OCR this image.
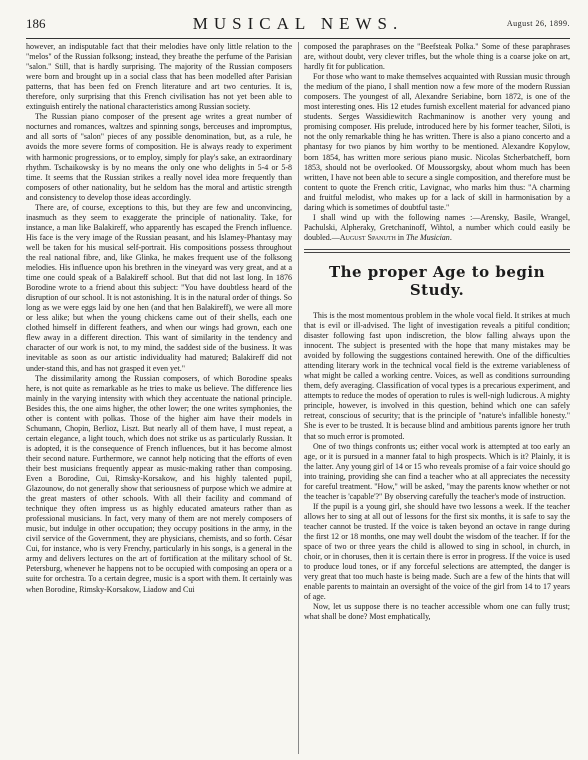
186	MUSICAL NEWS.	August 26, 1899.

however, an indisputable fact that their melodies have only little relation to the "melos" of the Russian folksong; instead, they breathe the perfume of the Parisian "salon." Still, that is hardly surprising. The majority of the Russian composers were born and brought up in a social class that has been modelled after Parisian patterns, that has been fed on French literature and art two centuries. It is, therefore, only surprising that this French civilisation has not yet been able to extinguish entirely the national characteristics among Russian society.

The Russian piano composer of the present age writes a great number of nocturnes and romances, waltzes and spinning songs, berceuses and impromptus, and all sorts of "salon" pieces of any possible denomination, but, as a rule, he avoids the more severe forms of composition. He is always ready to experiment with harmonic progressions, or to employ, simply for play's sake, an extraordinary rhythm. Tschaikowsky is by no means the only one who delights in 5-4 or 5-8 time. It seems that the Russian strikes a really novel idea more frequently than composers of other nationality, but he seldom has the moral and artistic strength and consistency to develop those ideas accordingly.

There are, of course, exceptions to this, but they are few and unconvincing, inasmuch as they seem to exaggerate the principle of nationality. Take, for instance, a man like Balakireff, who apparently has escaped the French influence. His face is the very image of the Russian peasant, and his Islamey-Phantasy may well be taken for his musical self-portrait. His compositions possess throughout the real national fibre, and, like Glinka, he makes frequent use of the folksong melodies. His influence upon his brethren in the vineyard was very great, and at a time one could speak of a Balakireff school. But that did not last long. In 1876 Borodine wrote to a friend about this subject: "You have doubtless heard of the disruption of our school. It is not astonishing. It is in the natural order of things. So long as we were eggs laid by one hen (and that hen Balakireff), we were all more or less alike; but when the young chickens came out of their shells, each one clothed himself in different feathers, and when our wings had grown, each one flew away in a different direction. This want of similarity in the tendency and character of our work is not, to my mind, the saddest side of the business. It was inevitable as soon as our artistic individuality had matured; Balakireff did not under-stand this, and has not grasped it even yet."

The dissimilarity among the Russian composers, of which Borodine speaks here, is not quite as remarkable as he tries to make us believe. The difference lies mainly in the varying intensity with which they accentuate the national principle. Besides this, the one aims higher, the other lower; the one writes symphonies, the other is content with polkas. Those of the higher aim have their models in Schumann, Chopin, Berlioz, Liszt. But nearly all of them have, I must repeat, a certain elegance, a light touch, which does not strike us as particularly Russian. It is adopted, it is the consequence of French influences, but it has become almost their second nature. Furthermore, we cannot help noticing that the efforts of even their best musicians frequently appear as music-making rather than composing. Even a Borodine, Cui, Rimsky-Korsakow, and his highly talented pupil, Glazounow, do not generally show that seriousness of purpose which we admire at the great masters of other schools. With all their facility and command of technique they often impress us as highly educated amateurs rather than as professional musicians. In fact, very many of them are not merely composers of music, but indulge in other occupation; they occupy positions in the army, in the civil service of the Government, they are physicians, chemists, and so forth. César Cui, for instance, who is very Frenchy, particularly in his songs, is a general in the army and delivers lectures on the art of fortification at the military school of St. Petersburg, whenever he happens not to be occupied with composing an opera or a suite for orchestra. To a certain degree, music is a sport with them. It certainly was when Borodine, Rimsky-Korsakow, Liadow and Cui

composed the paraphrases on the "Beefsteak Polka." Some of these paraphrases are, without doubt, very clever trifles, but the whole thing is a coarse joke on art, hardly fit for publication.

For those who want to make themselves acquainted with Russian music through the medium of the piano, I shall mention now a few more of the modern Russian composers. The youngest of all, Alexandre Seriabine, born 1872, is one of the most interesting ones. His 12 etudes furnish excellent material for advanced piano students. Serges Wassidiewitch Rachmaninow is another very young and promising composer. His prelude, introduced here by his former teacher, Siloti, is not the only remarkable thing he has written. There is also a piano concerto and a phantasy for two pianos by him worthy to be mentioned. Alexandre Kopylow, born 1854, has written more serious piano music. Nicolas Stcherbatcheff, born 1853, should not be overlooked. Of Moussorgsky, about whom much has been written, I have not been able to secure a single composition, and therefore must be content to quote the French critic, Lavignac, who marks him thus: "A charming and fruitful melodist, who makes up for a lack of skill in harmonisation by a daring which is sometimes of doubtful taste."

I shall wind up with the following names :—Arensky, Basile, Wrangel, Pachulski, Alpheraky, Gretchaninoff, Wihtol, a number which could easily be doubled.—August Spanuth in The Musician.

The proper Age to begin Study.

This is the most momentous problem in the whole vocal field. It strikes at much that is evil or ill-advised. The light of investigation reveals a pitiful condition; disaster following fast upon indiscretion, the blow falling always upon the innocent. The subject is presented with the hope that many mistakes may be avoided by following the suggestions contained herewith. One of the difficulties attending literary work in the technical vocal field is the extreme variableness of what might be called a working centre. Voices, as well as conditions surrounding them, defy averaging. Classification of vocal types is a precarious experiment, and attempts to reduce the modes of operation to rules is well-nigh ludicrous. A mighty principle, however, is involved in this question, behind which one can safely retreat, conscious of security; that is the principle of "nature's infallible honesty." She is ever to be trusted. It is because blind and ambitious parents ignore her truth that so much error is promoted.

One of two things confronts us; either vocal work is attempted at too early an age, or it is pursued in a manner fatal to high prospects. Which is it? Plainly, it is the latter. Any young girl of 14 or 15 who reveals promise of a fair voice should go into training, providing she can find a teacher who at all appreciates the necessity for careful treatment. "How," will be asked, "may the parents know whether or not the teacher is 'capable'?" By observing carefully the teacher's mode of instruction.

If the pupil is a young girl, she should have two lessons a week. If the teacher allows her to sing at all out of lessons for the first six months, it is safe to say the teacher cannot be trusted. If the voice is taken beyond an octave in range during the first 12 or 18 months, one may well doubt the wisdom of the teacher. If for the space of two or three years the child is allowed to sing in school, in church, in choir, or in choruses, then it is certain there is error in progress. If the voice is used to produce loud tones, or if any forceful selections are attempted, the danger is very great that too much haste is being made. Such are a few of the hints that will enable parents to maintain an oversight of the voice of the girl from 14 to 17 years of age.

Now, let us suppose there is no teacher accessible whom one can fully trust; what shall be done? Most emphatically,
